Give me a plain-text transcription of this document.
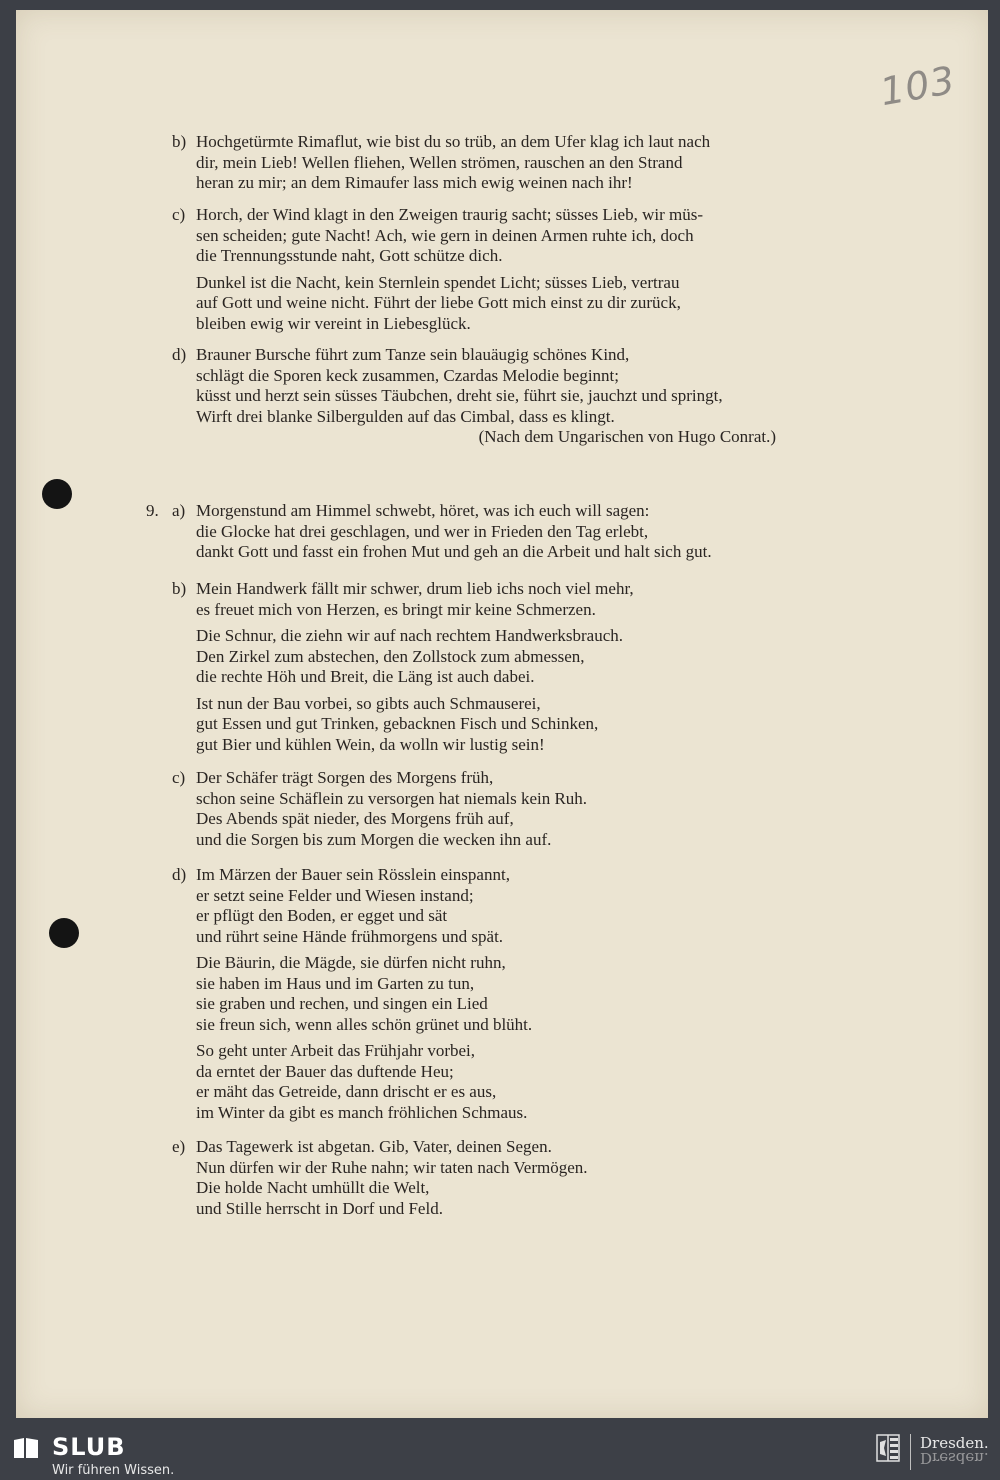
103
b) Hochgetürmte Rimaflut, wie bist du so trüb, an dem Ufer klag ich laut nach
dir, mein Lieb! Wellen fliehen, Wellen strömen, rauschen an den Strand
heran zu mir; an dem Rimaufer lass mich ewig weinen nach ihr!
c) Horch, der Wind klagt in den Zweigen traurig sacht; süsses Lieb, wir müs-
sen scheiden; gute Nacht! Ach, wie gern in deinen Armen ruhte ich, doch
die Trennungsstunde naht, Gott schütze dich.
Dunkel ist die Nacht, kein Sternlein spendet Licht; süsses Lieb, vertrau
auf Gott und weine nicht. Führt der liebe Gott mich einst zu dir zurück,
bleiben ewig wir vereint in Liebesglück.
d) Brauner Bursche führt zum Tanze sein blauäugig schönes Kind,
schlägt die Sporen keck zusammen, Czardas Melodie beginnt;
küsst und herzt sein süsses Täubchen, dreht sie, führt sie, jauchzt und springt,
Wirft drei blanke Silbergulden auf das Cimbal, dass es klingt.
(Nach dem Ungarischen von Hugo Conrat.)
9. a) Morgenstund am Himmel schwebt, höret, was ich euch will sagen:
die Glocke hat drei geschlagen, und wer in Frieden den Tag erlebt,
dankt Gott und fasst ein frohen Mut und geh an die Arbeit und halt sich gut.
b) Mein Handwerk fällt mir schwer, drum lieb ichs noch viel mehr,
es freuet mich von Herzen, es bringt mir keine Schmerzen.
Die Schnur, die ziehn wir auf nach rechtem Handwerksbrauch.
Den Zirkel zum abstechen, den Zollstock zum abmessen,
die rechte Höh und Breit, die Läng ist auch dabei.
Ist nun der Bau vorbei, so gibts auch Schmauserei,
gut Essen und gut Trinken, gebacknen Fisch und Schinken,
gut Bier und kühlen Wein, da wolln wir lustig sein!
c) Der Schäfer trägt Sorgen des Morgens früh,
schon seine Schäflein zu versorgen hat niemals kein Ruh.
Des Abends spät nieder, des Morgens früh auf,
und die Sorgen bis zum Morgen die wecken ihn auf.
d) Im Märzen der Bauer sein Rösslein einspannt,
er setzt seine Felder und Wiesen instand;
er pflügt den Boden, er egget und sät
und rührt seine Hände frühmorgens und spät.
Die Bäurin, die Mägde, sie dürfen nicht ruhn,
sie haben im Haus und im Garten zu tun,
sie graben und rechen, und singen ein Lied
sie freun sich, wenn alles schön grünet und blüht.
So geht unter Arbeit das Frühjahr vorbei,
da erntet der Bauer das duftende Heu;
er mäht das Getreide, dann drischt er es aus,
im Winter da gibt es manch fröhlichen Schmaus.
e) Das Tagewerk ist abgetan. Gib, Vater, deinen Segen.
Nun dürfen wir der Ruhe nahn; wir taten nach Vermögen.
Die holde Nacht umhüllt die Welt,
und Stille herrscht in Dorf und Feld.
SLUB
Wir führen Wissen.
Dresden.
Dresden.
